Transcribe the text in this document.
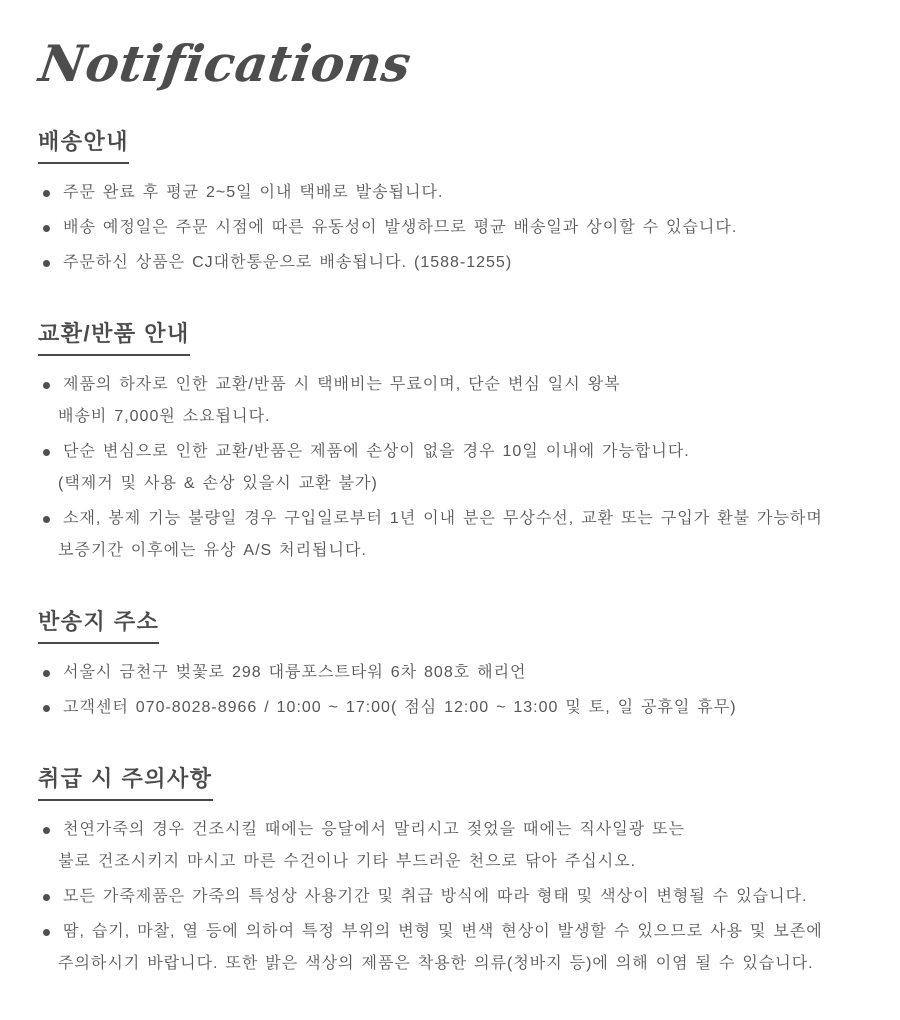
Notifications
배송안내
주문 완료 후 평균 2~5일 이내 택배로 발송됩니다.
배송 예정일은 주문 시점에 따른 유동성이 발생하므로 평균 배송일과 상이할 수 있습니다.
주문하신 상품은 CJ대한통운으로 배송됩니다. (1588-1255)
교환/반품 안내
제품의 하자로 인한 교환/반품 시 택배비는 무료이며, 단순 변심 일시 왕복
배송비 7,000원 소요됩니다.
단순 변심으로 인한 교환/반품은 제품에 손상이 없을 경우 10일 이내에 가능합니다.
(택제거 및 사용 & 손상 있을시 교환 불가)
소재, 봉제 기능 불량일 경우 구입일로부터 1년 이내 분은 무상수선, 교환 또는 구입가 환불 가능하며
보증기간 이후에는 유상 A/S 처리됩니다.
반송지 주소
서울시 금천구 벚꽃로 298 대륭포스트타워 6차 808호 해리언
고객센터 070-8028-8966 / 10:00 ~ 17:00( 점심 12:00 ~ 13:00 및 토, 일 공휴일 휴무)
취급 시 주의사항
천연가죽의 경우 건조시킬 때에는 응달에서 말리시고 젖었을 때에는 직사일광 또는
불로 건조시키지 마시고 마른 수건이나 기타 부드러운 천으로 닦아 주십시오.
모든 가죽제품은 가죽의 특성상 사용기간 및 취급 방식에 따라 형태 및 색상이 변형될 수 있습니다.
땀, 습기, 마찰, 열 등에 의하여 특정 부위의 변형 및 변색 현상이 발생할 수 있으므로 사용 및 보존에
주의하시기 바랍니다. 또한 밝은 색상의 제품은 착용한 의류(청바지 등)에 의해 이염 될 수 있습니다.
